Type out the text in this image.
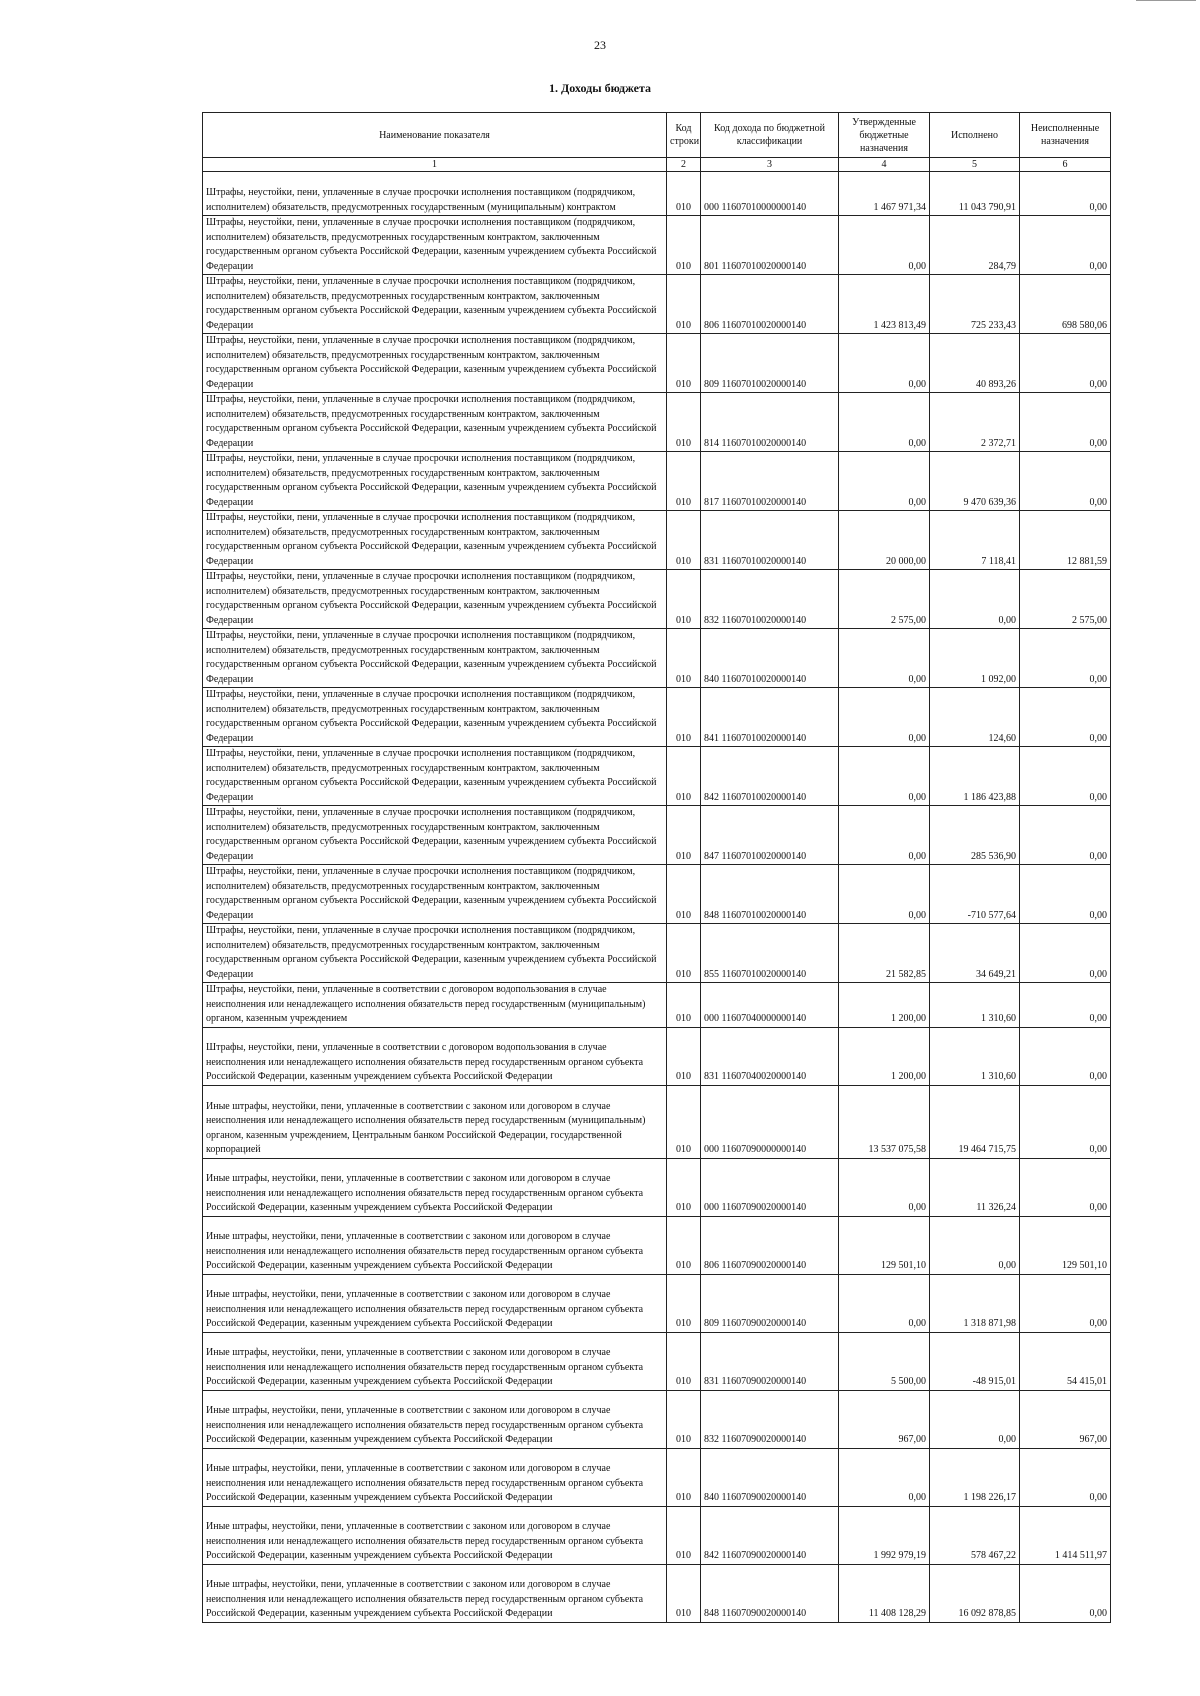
23
1. Доходы бюджета
Наименование показателя	Код строки	Код дохода по бюджетной классификации	Утвержденные бюджетные назначения	Исполнено	Неисполненные назначения
1	2	3	4	5	6
Штрафы, неустойки, пени, уплаченные в случае просрочки исполнения поставщиком (подрядчиком, исполнителем) обязательств, предусмотренных государственным (муниципальным) контрактом	010	000 11607010000000140	1 467 971,34	11 043 790,91	0,00
Штрафы, неустойки, пени, уплаченные в случае просрочки исполнения поставщиком (подрядчиком, исполнителем) обязательств, предусмотренных государственным контрактом, заключенным государственным органом субъекта Российской Федерации, казенным учреждением субъекта Российской Федерации	010	801 11607010020000140	0,00	284,79	0,00
Штрафы, неустойки, пени, уплаченные в случае просрочки исполнения поставщиком (подрядчиком, исполнителем) обязательств, предусмотренных государственным контрактом, заключенным государственным органом субъекта Российской Федерации, казенным учреждением субъекта Российской Федерации	010	806 11607010020000140	1 423 813,49	725 233,43	698 580,06
Штрафы, неустойки, пени, уплаченные в случае просрочки исполнения поставщиком (подрядчиком, исполнителем) обязательств, предусмотренных государственным контрактом, заключенным государственным органом субъекта Российской Федерации, казенным учреждением субъекта Российской Федерации	010	809 11607010020000140	0,00	40 893,26	0,00
Штрафы, неустойки, пени, уплаченные в случае просрочки исполнения поставщиком (подрядчиком, исполнителем) обязательств, предусмотренных государственным контрактом, заключенным государственным органом субъекта Российской Федерации, казенным учреждением субъекта Российской Федерации	010	814 11607010020000140	0,00	2 372,71	0,00
Штрафы, неустойки, пени, уплаченные в случае просрочки исполнения поставщиком (подрядчиком, исполнителем) обязательств, предусмотренных государственным контрактом, заключенным государственным органом субъекта Российской Федерации, казенным учреждением субъекта Российской Федерации	010	817 11607010020000140	0,00	9 470 639,36	0,00
Штрафы, неустойки, пени, уплаченные в случае просрочки исполнения поставщиком (подрядчиком, исполнителем) обязательств, предусмотренных государственным контрактом, заключенным государственным органом субъекта Российской Федерации, казенным учреждением субъекта Российской Федерации	010	831 11607010020000140	20 000,00	7 118,41	12 881,59
Штрафы, неустойки, пени, уплаченные в случае просрочки исполнения поставщиком (подрядчиком, исполнителем) обязательств, предусмотренных государственным контрактом, заключенным государственным органом субъекта Российской Федерации, казенным учреждением субъекта Российской Федерации	010	832 11607010020000140	2 575,00	0,00	2 575,00
Штрафы, неустойки, пени, уплаченные в случае просрочки исполнения поставщиком (подрядчиком, исполнителем) обязательств, предусмотренных государственным контрактом, заключенным государственным органом субъекта Российской Федерации, казенным учреждением субъекта Российской Федерации	010	840 11607010020000140	0,00	1 092,00	0,00
Штрафы, неустойки, пени, уплаченные в случае просрочки исполнения поставщиком (подрядчиком, исполнителем) обязательств, предусмотренных государственным контрактом, заключенным государственным органом субъекта Российской Федерации, казенным учреждением субъекта Российской Федерации	010	841 11607010020000140	0,00	124,60	0,00
Штрафы, неустойки, пени, уплаченные в случае просрочки исполнения поставщиком (подрядчиком, исполнителем) обязательств, предусмотренных государственным контрактом, заключенным государственным органом субъекта Российской Федерации, казенным учреждением субъекта Российской Федерации	010	842 11607010020000140	0,00	1 186 423,88	0,00
Штрафы, неустойки, пени, уплаченные в случае просрочки исполнения поставщиком (подрядчиком, исполнителем) обязательств, предусмотренных государственным контрактом, заключенным государственным органом субъекта Российской Федерации, казенным учреждением субъекта Российской Федерации	010	847 11607010020000140	0,00	285 536,90	0,00
Штрафы, неустойки, пени, уплаченные в случае просрочки исполнения поставщиком (подрядчиком, исполнителем) обязательств, предусмотренных государственным контрактом, заключенным государственным органом субъекта Российской Федерации, казенным учреждением субъекта Российской Федерации	010	848 11607010020000140	0,00	-710 577,64	0,00
Штрафы, неустойки, пени, уплаченные в случае просрочки исполнения поставщиком (подрядчиком, исполнителем) обязательств, предусмотренных государственным контрактом, заключенным государственным органом субъекта Российской Федерации, казенным учреждением субъекта Российской Федерации	010	855 11607010020000140	21 582,85	34 649,21	0,00
Штрафы, неустойки, пени, уплаченные в соответствии с договором водопользования в случае неисполнения или ненадлежащего исполнения обязательств перед государственным (муниципальным) органом, казенным учреждением	010	000 11607040000000140	1 200,00	1 310,60	0,00
Штрафы, неустойки, пени, уплаченные в соответствии с договором водопользования в случае неисполнения или ненадлежащего исполнения обязательств перед государственным органом субъекта Российской Федерации, казенным учреждением субъекта Российской Федерации	010	831 11607040020000140	1 200,00	1 310,60	0,00
Иные штрафы, неустойки, пени, уплаченные в соответствии с законом или договором в случае неисполнения или ненадлежащего исполнения обязательств перед государственным (муниципальным) органом, казенным учреждением, Центральным банком Российской Федерации, государственной корпорацией	010	000 11607090000000140	13 537 075,58	19 464 715,75	0,00
Иные штрафы, неустойки, пени, уплаченные в соответствии с законом или договором в случае неисполнения или ненадлежащего исполнения обязательств перед государственным органом субъекта Российской Федерации, казенным учреждением субъекта Российской Федерации	010	000 11607090020000140	0,00	11 326,24	0,00
Иные штрафы, неустойки, пени, уплаченные в соответствии с законом или договором в случае неисполнения или ненадлежащего исполнения обязательств перед государственным органом субъекта Российской Федерации, казенным учреждением субъекта Российской Федерации	010	806 11607090020000140	129 501,10	0,00	129 501,10
Иные штрафы, неустойки, пени, уплаченные в соответствии с законом или договором в случае неисполнения или ненадлежащего исполнения обязательств перед государственным органом субъекта Российской Федерации, казенным учреждением субъекта Российской Федерации	010	809 11607090020000140	0,00	1 318 871,98	0,00
Иные штрафы, неустойки, пени, уплаченные в соответствии с законом или договором в случае неисполнения или ненадлежащего исполнения обязательств перед государственным органом субъекта Российской Федерации, казенным учреждением субъекта Российской Федерации	010	831 11607090020000140	5 500,00	-48 915,01	54 415,01
Иные штрафы, неустойки, пени, уплаченные в соответствии с законом или договором в случае неисполнения или ненадлежащего исполнения обязательств перед государственным органом субъекта Российской Федерации, казенным учреждением субъекта Российской Федерации	010	832 11607090020000140	967,00	0,00	967,00
Иные штрафы, неустойки, пени, уплаченные в соответствии с законом или договором в случае неисполнения или ненадлежащего исполнения обязательств перед государственным органом субъекта Российской Федерации, казенным учреждением субъекта Российской Федерации	010	840 11607090020000140	0,00	1 198 226,17	0,00
Иные штрафы, неустойки, пени, уплаченные в соответствии с законом или договором в случае неисполнения или ненадлежащего исполнения обязательств перед государственным органом субъекта Российской Федерации, казенным учреждением субъекта Российской Федерации	010	842 11607090020000140	1 992 979,19	578 467,22	1 414 511,97
Иные штрафы, неустойки, пени, уплаченные в соответствии с законом или договором в случае неисполнения или ненадлежащего исполнения обязательств перед государственным органом субъекта Российской Федерации, казенным учреждением субъекта Российской Федерации	010	848 11607090020000140	11 408 128,29	16 092 878,85	0,00
